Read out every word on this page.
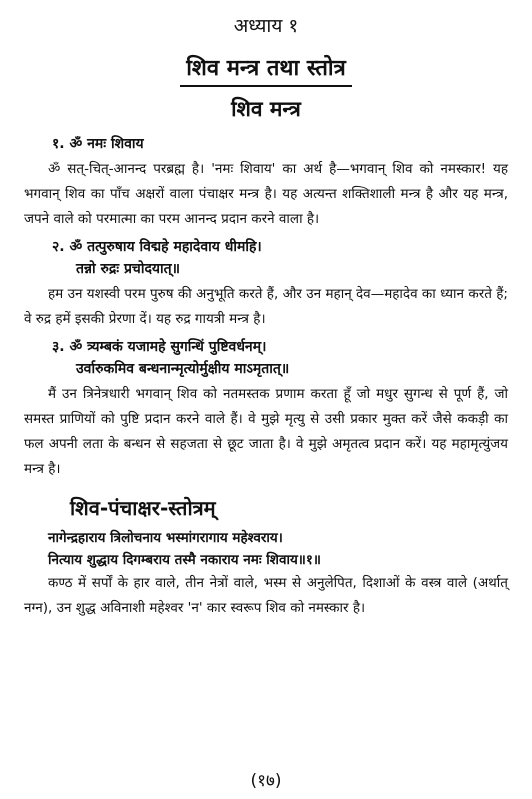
अध्याय १
शिव मन्त्र तथा स्तोत्र
शिव मन्त्र
१. ॐ नमः शिवाय

ॐ सत्-चित्-आनन्द परब्रह्म है। 'नमः शिवाय' का अर्थ है—भगवान् शिव को नमस्कार! यह भगवान् शिव का पाँच अक्षरों वाला पंचाक्षर मन्त्र है। यह अत्यन्त शक्तिशाली मन्त्र है और यह मन्त्र, जपने वाले को परमात्मा का परम आनन्द प्रदान करने वाला है।

२. ॐ तत्पुरुषाय विद्महे महादेवाय धीमहि।
तन्नो रुद्रः प्रचोदयात्॥

हम उन यशस्वी परम पुरुष की अनुभूति करते हैं, और उन महान् देव—महादेव का ध्यान करते हैं; वे रुद्र हमें इसकी प्रेरणा दें। यह रुद्र गायत्री मन्त्र है।

३. ॐ त्र्यम्बकं यजामहे सुगन्धिं पुष्टिवर्धनम्।
उर्वारुकमिव बन्धनान्मृत्योर्मुक्षीय माऽमृतात्॥

मैं उन त्रिनेत्रधारी भगवान् शिव को नतमस्तक प्रणाम करता हूँ जो मधुर सुगन्ध से पूर्ण हैं, जो समस्त प्राणियों को पुष्टि प्रदान करने वाले हैं। वे मुझे मृत्यु से उसी प्रकार मुक्त करें जैसे ककड़ी का फल अपनी लता के बन्धन से सहजता से छूट जाता है। वे मुझे अमृतत्व प्रदान करें। यह महामृत्युंजय मन्त्र है।

शिव-पंचाक्षर-स्तोत्रम्
नागेन्द्रहाराय त्रिलोचनाय भस्मांगरागाय महेश्वराय।
नित्याय शुद्धाय दिगम्बराय तस्मै नकाराय नमः शिवाय॥१॥

कण्ठ में सर्पों के हार वाले, तीन नेत्रों वाले, भस्म से अनुलेपित, दिशाओं के वस्त्र वाले (अर्थात् नग्न), उन शुद्ध अविनाशी महेश्वर 'न' कार स्वरूप शिव को नमस्कार है।

(१७)
